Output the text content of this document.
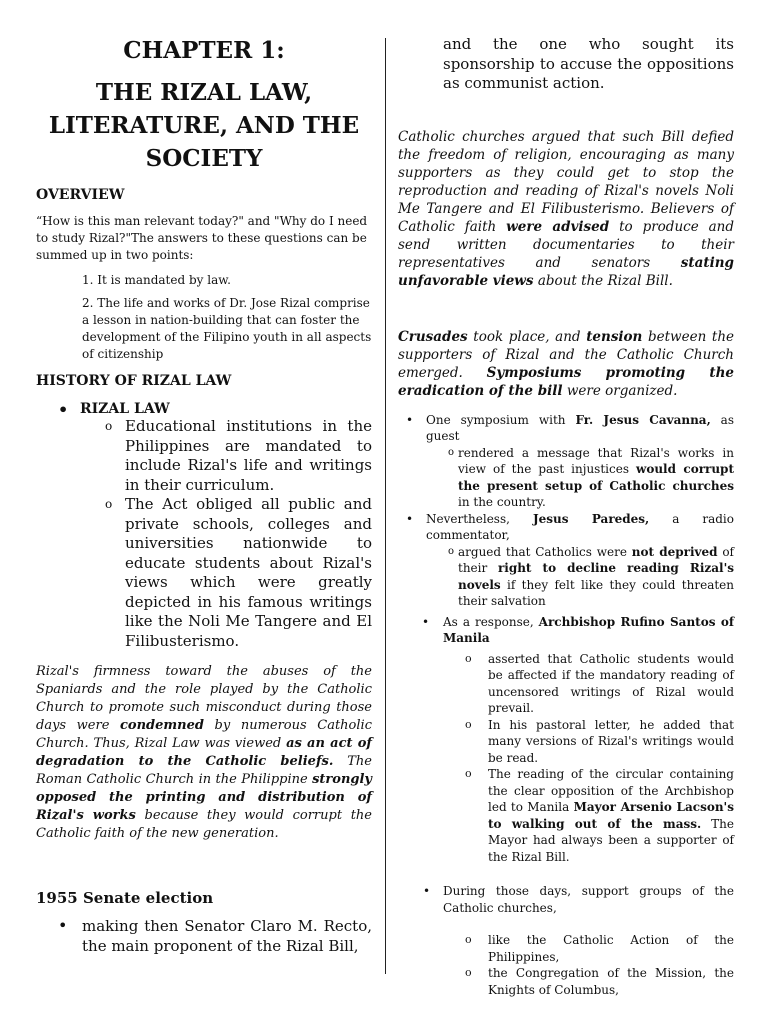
CHAPTER 1:
THE RIZAL LAW,
LITERATURE, AND THE
SOCIETY
OVERVIEW

“How is this man relevant today?" and "Why do I need to study Rizal?"The answers to these questions can be summed up in two points:

1. It is mandated by law.
2. The life and works of Dr. Jose Rizal comprise a lesson in nation-building that can foster the development of the Filipino youth in all aspects of citizenship
HISTORY OF RIZAL LAW
• RIZAL LAW
o Educational institutions in the Philippines are mandated to include Rizal's life and writings in their curriculum.
o The Act obliged all public and private schools, colleges and universities nationwide to educate students about Rizal's views which were greatly depicted in his famous writings like the Noli Me Tangere and El Filibusterismo.

Rizal's firmness toward the abuses of the Spaniards and the role played by the Catholic Church to promote such misconduct during those days were condemned by numerous Catholic Church. Thus, Rizal Law was viewed as an act of degradation to the Catholic beliefs. The Roman Catholic Church in the Philippine strongly opposed the printing and distribution of Rizal's works because they would corrupt the Catholic faith of the new generation.

1955 Senate election
• making then Senator Claro M. Recto, the main proponent of the Rizal Bill,

and the one who sought its sponsorship to accuse the oppositions as communist action.

Catholic churches argued that such Bill defied the freedom of religion, encouraging as many supporters as they could get to stop the reproduction and reading of Rizal's novels Noli Me Tangere and El Filibusterismo. Believers of Catholic faith were advised to produce and send written documentaries to their representatives and senators stating unfavorable views about the Rizal Bill.

Crusades took place, and tension between the supporters of Rizal and the Catholic Church emerged. Symposiums promoting the eradication of the bill were organized.

• One symposium with Fr. Jesus Cavanna, as guest
o rendered a message that Rizal's works in view of the past injustices would corrupt the present setup of Catholic churches in the country.
• Nevertheless, Jesus Paredes, a radio commentator,
o argued that Catholics were not deprived of their right to decline reading Rizal's novels if they felt like they could threaten their salvation
• As a response, Archbishop Rufino Santos of Manila
o asserted that Catholic students would be affected if the mandatory reading of uncensored writings of Rizal would prevail.
o In his pastoral letter, he added that many versions of Rizal's writings would be read.
o The reading of the circular containing the clear opposition of the Archbishop led to Manila Mayor Arsenio Lacson's to walking out of the mass. The Mayor had always been a supporter of the Rizal Bill.
• During those days, support groups of the Catholic churches,
o like the Catholic Action of the Philippines,
o the Congregation of the Mission, the Knights of Columbus,
